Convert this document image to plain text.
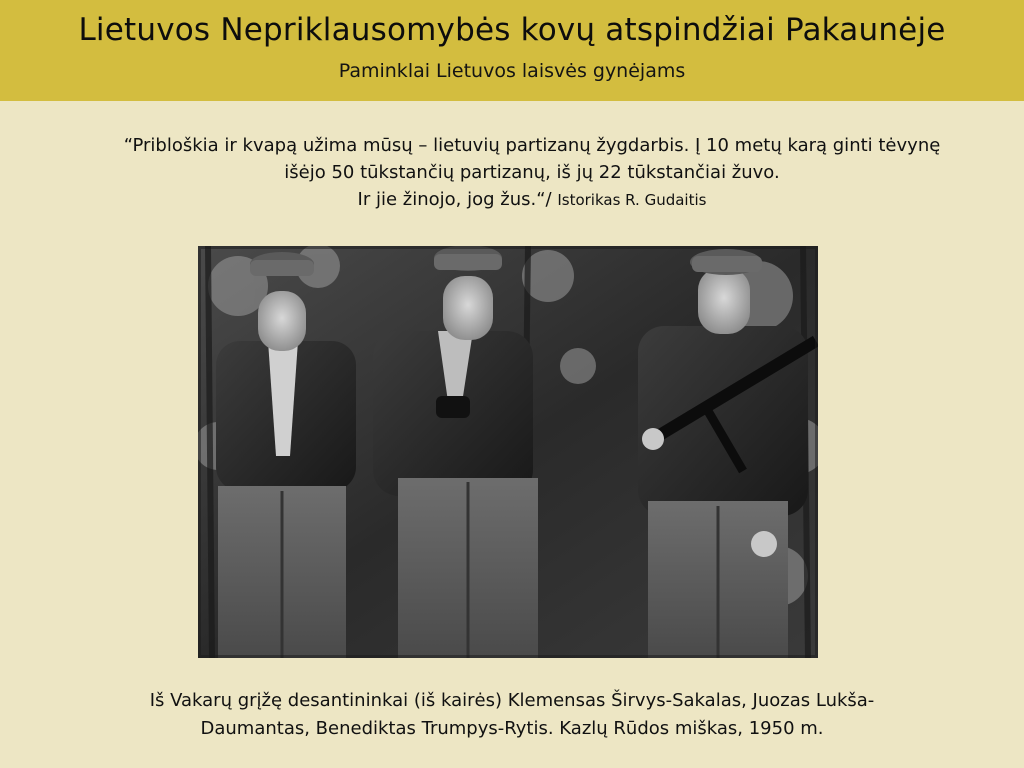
Lietuvos Nepriklausomybės kovų atspindžiai Pakaunėje
Paminklai Lietuvos laisvės gynėjams
“Pribloškia ir kvapą užima mūsų – lietuvių partizanų žygdarbis. Į 10 metų karą ginti tėvynę
išėjo 50 tūkstančių partizanų, iš jų 22 tūkstančiai žuvo.
Ir jie žinojo, jog žus.“/ Istorikas R. Gudaitis
Iš Vakarų grįžę desantininkai (iš kairės) Klemensas Širvys-Sakalas, Juozas Lukša-
Daumantas, Benediktas Trumpys-Rytis. Kazlų Rūdos miškas, 1950 m.
